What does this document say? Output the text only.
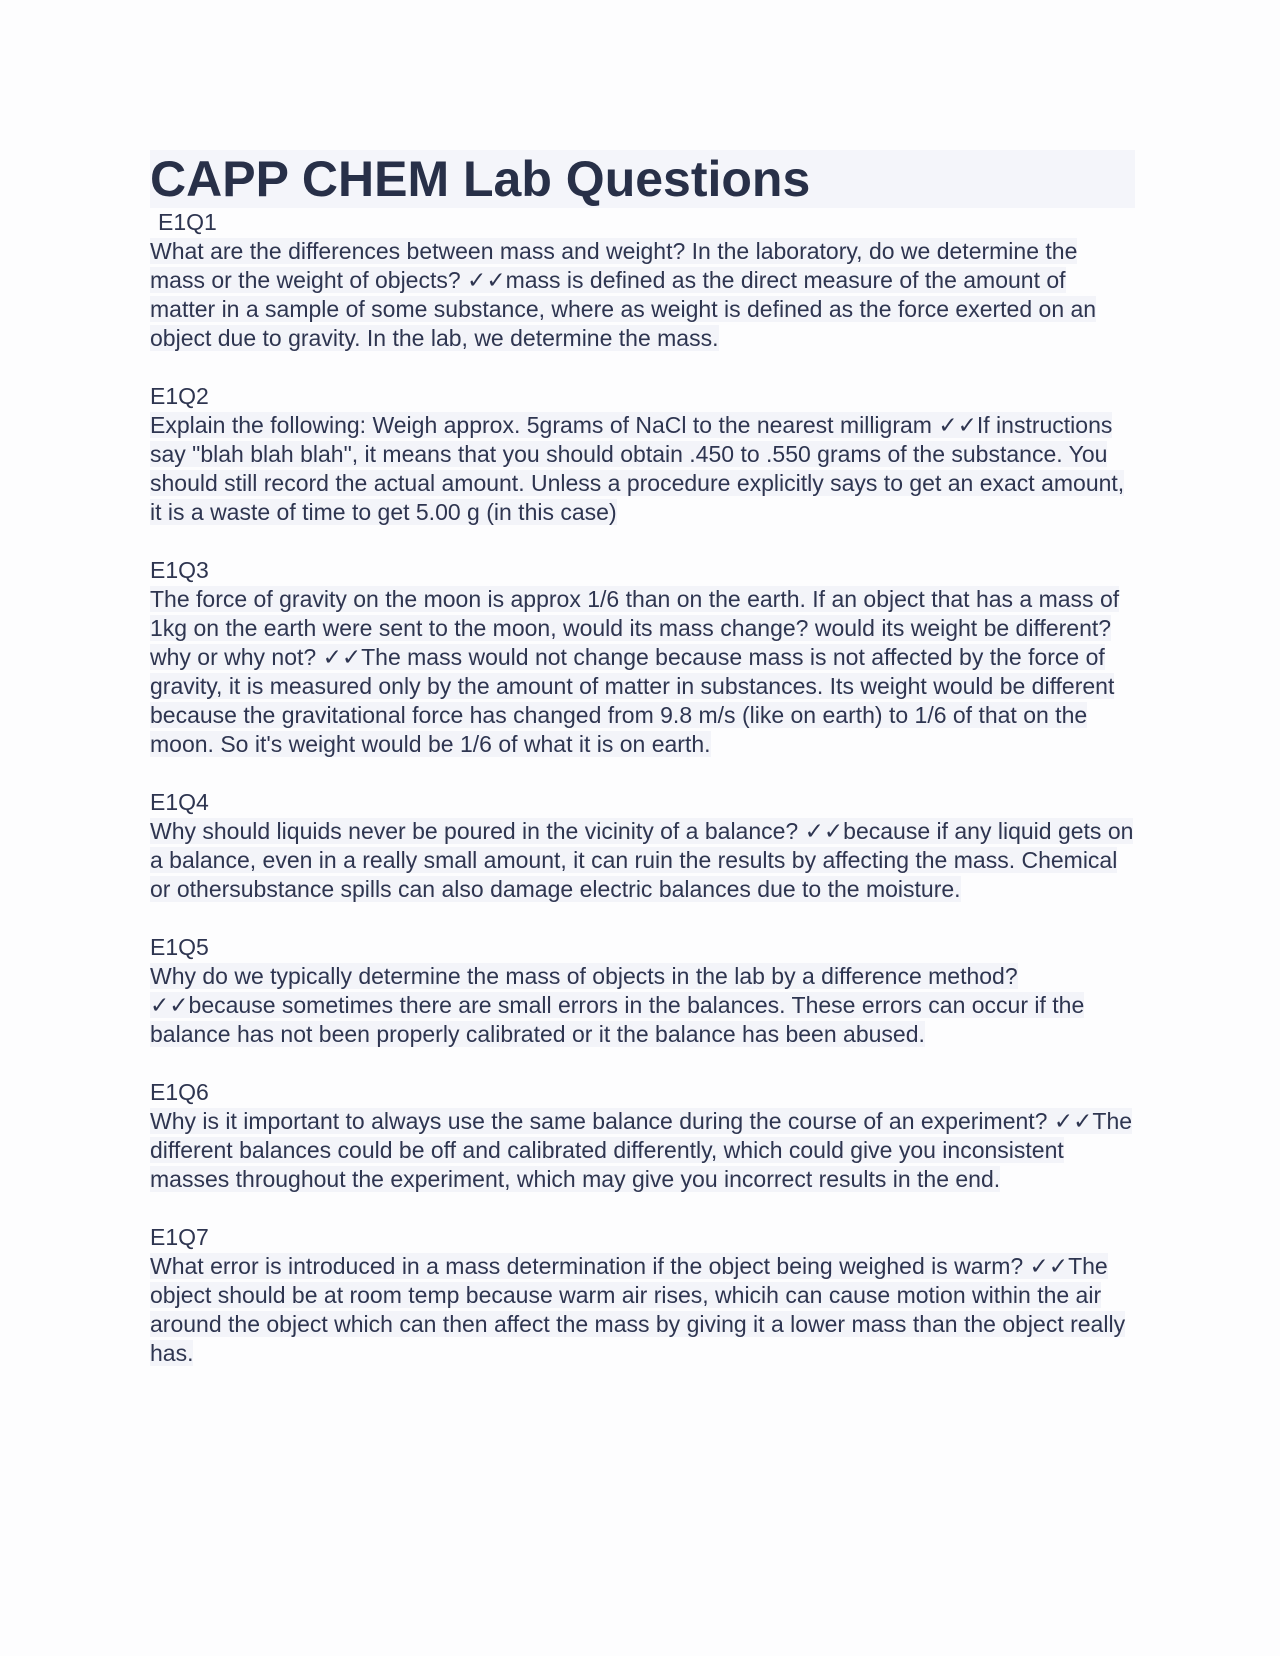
CAPP CHEM Lab Questions
E1Q1

What are the differences between mass and weight? In the laboratory, do we determine the mass or the weight of objects? ✓✓mass is defined as the direct measure of the amount of matter in a sample of some substance, where as weight is defined as the force exerted on an object due to gravity. In the lab, we determine the mass.

E1Q2

Explain the following: Weigh approx. 5grams of NaCl to the nearest milligram ✓✓If instructions say "blah blah blah", it means that you should obtain .450 to .550 grams of the substance. You should still record the actual amount. Unless a procedure explicitly says to get an exact amount, it is a waste of time to get 5.00 g (in this case)

E1Q3

The force of gravity on the moon is approx 1/6 than on the earth. If an object that has a mass of 1kg on the earth were sent to the moon, would its mass change? would its weight be different? why or why not? ✓✓The mass would not change because mass is not affected by the force of gravity, it is measured only by the amount of matter in substances. Its weight would be different because the gravitational force has changed from 9.8 m/s (like on earth) to 1/6 of that on the moon. So it's weight would be 1/6 of what it is on earth.

E1Q4

Why should liquids never be poured in the vicinity of a balance? ✓✓because if any liquid gets on a balance, even in a really small amount, it can ruin the results by affecting the mass. Chemical or othersubstance spills can also damage electric balances due to the moisture.

E1Q5

Why do we typically determine the mass of objects in the lab by a difference method? ✓✓because sometimes there are small errors in the balances. These errors can occur if the balance has not been properly calibrated or it the balance has been abused.

E1Q6

Why is it important to always use the same balance during the course of an experiment? ✓✓The different balances could be off and calibrated differently, which could give you inconsistent masses throughout the experiment, which may give you incorrect results in the end.

E1Q7

What error is introduced in a mass determination if the object being weighed is warm? ✓✓The object should be at room temp because warm air rises, whicih can cause motion within the air around the object which can then affect the mass by giving it a lower mass than the object really has.
